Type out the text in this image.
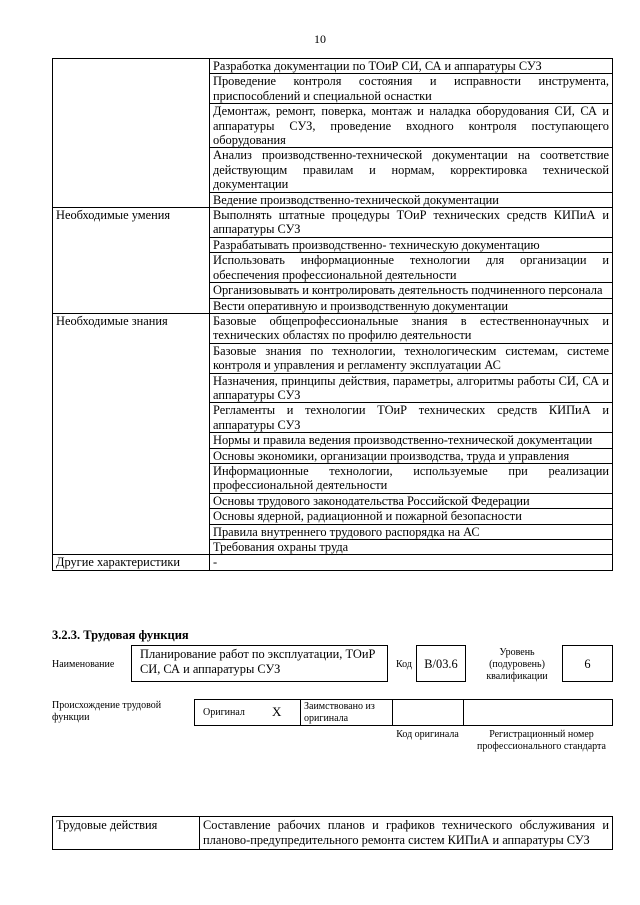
10
	Разработка документации по ТОиР СИ, СА и аппаратуры СУЗ
	Проведение контроля состояния и исправности инструмента, приспособлений и специальной оснастки
	Демонтаж, ремонт, поверка, монтаж и наладка оборудования СИ, СА и аппаратуры СУЗ, проведение входного контроля поступающего оборудования
	Анализ производственно-технической документации на соответствие действующим правилам и нормам, корректировка технической документации
	Ведение производственно-технической документации
Необходимые умения	Выполнять штатные процедуры ТОиР технических средств КИПиА и аппаратуры СУЗ
	Разрабатывать производственно- техническую документацию
	Использовать информационные технологии для организации и обеспечения профессиональной деятельности
	Организовывать и контролировать деятельность подчиненного персонала
	Вести оперативную и производственную документации
Необходимые знания	Базовые общепрофессиональные знания в естественнонаучных и технических областях по профилю деятельности
	Базовые знания по технологии, технологическим системам, системе контроля и управления и регламенту эксплуатации АС
	Назначения, принципы действия, параметры, алгоритмы работы СИ, СА и аппаратуры СУЗ
	Регламенты и технологии ТОиР технических средств КИПиА и аппаратуры СУЗ
	Нормы и правила ведения производственно-технической документации
	Основы экономики, организации производства, труда и управления
	Информационные технологии, используемые при реализации профессиональной деятельности
	Основы трудового законодательства Российской Федерации
	Основы ядерной, радиационной и пожарной безопасности
	Правила внутреннего трудового распорядка на АС
	Требования охраны труда
Другие характеристики	-
3.2.3. Трудовая функция
Наименование
Планирование работ по эксплуатации, ТОиР СИ, СА и аппаратуры СУЗ	Код B/03.6
Уровень (подуровень) квалификации
6
Происхождение трудовой функции	Оригинал X Заимствовано из оригинала
Код оригинала	Регистрационный номер профессионального стандарта
Трудовые действия	Составление рабочих планов и графиков технического обслуживания и планово-предупредительного ремонта систем КИПиА и аппаратуры СУЗ
